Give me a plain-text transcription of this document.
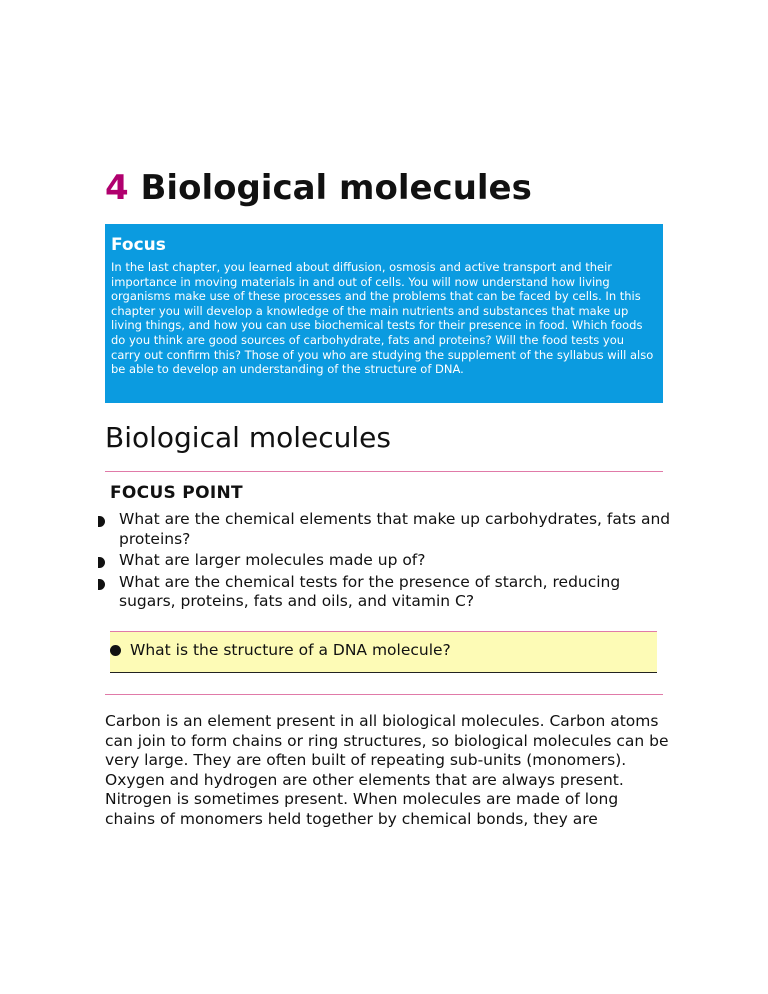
4 Biological molecules

Focus

In the last chapter, you learned about diffusion, osmosis and active transport and their importance in moving materials in and out of cells. You will now understand how living organisms make use of these processes and the problems that can be faced by cells. In this chapter you will develop a knowledge of the main nutrients and substances that make up living things, and how you can use biochemical tests for their presence in food. Which foods do you think are good sources of carbohydrate, fats and proteins? Will the food tests you carry out confirm this? Those of you who are studying the supplement of the syllabus will also be able to develop an understanding of the structure of DNA.

Biological molecules
FOCUS POINT
What are the chemical elements that make up carbohydrates, fats and proteins?
What are larger molecules made up of?
What are the chemical tests for the presence of starch, reducing sugars, proteins, fats and oils, and vitamin C?
What is the structure of a DNA molecule?

Carbon is an element present in all biological molecules. Carbon atoms can join to form chains or ring structures, so biological molecules can be very large. They are often built of repeating sub-units (monomers). Oxygen and hydrogen are other elements that are always present. Nitrogen is sometimes present. When molecules are made of long chains of monomers held together by chemical bonds, they are
